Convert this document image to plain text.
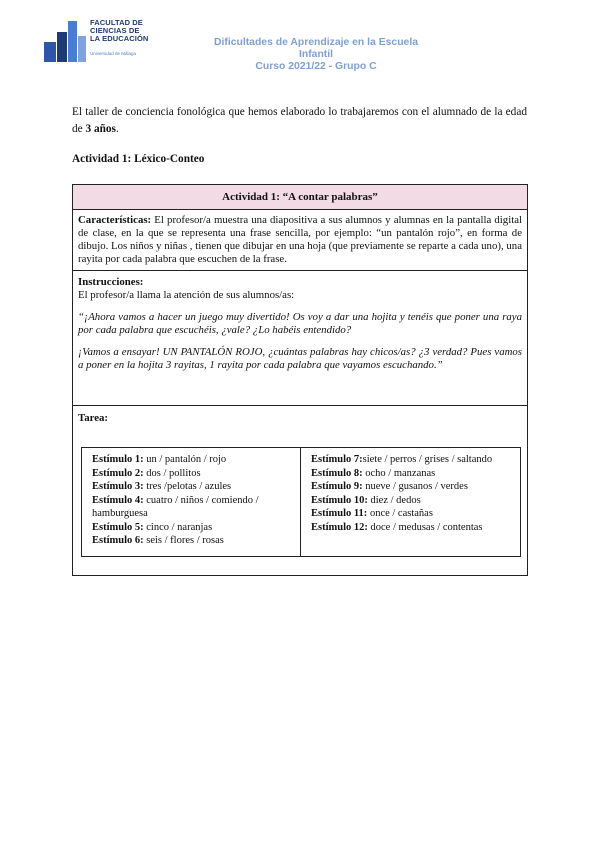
FACULTAD DE
CIENCIAS DE
LA EDUCACIÓN
Universidad de Málaga
Dificultades de Aprendizaje en la Escuela Infantil
Curso 2021/22 - Grupo C
El taller de conciencia fonológica que hemos elaborado lo trabajaremos con el alumnado de la edad de 3 años.
Actividad 1: Léxico-Conteo
Actividad 1: “A contar palabras”
Características: El profesor/a muestra una diapositiva a sus alumnos y alumnas en la pantalla digital de clase, en la que se representa una frase sencilla, por ejemplo: “un pantalón rojo”, en forma de dibujo. Los niños y niñas , tienen que dibujar en una hoja (que previamente se reparte a cada uno), una rayita por cada palabra que escuchen de la frase.

Instrucciones:

El profesor/a llama la atención de sus alumnos/as:

“¡Ahora vamos a hacer un juego muy divertido! Os voy a dar una hojita y tenéis que poner una raya por cada palabra que escuchéis, ¿vale? ¿Lo habéis entendido?

¡Vamos a ensayar! UN PANTALÓN ROJO, ¿cuántas palabras hay chicos/as? ¿3 verdad? Pues vamos a poner en la hojita 3 rayitas, 1 rayita por cada palabra que vayamos escuchando.”

Tarea:
Estímulo 1: un / pantalón / rojo
Estímulo 2: dos / pollitos
Estímulo 3: tres /pelotas / azules
Estímulo 4: cuatro / niños / comiendo / hamburguesa
Estímulo 5: cinco / naranjas
Estímulo 6: seis / flores / rosas
Estímulo 7:siete / perros / grises / saltando
Estímulo 8: ocho / manzanas
Estímulo 9: nueve / gusanos / verdes
Estímulo 10: diez / dedos
Estímulo 11: once / castañas
Estímulo 12: doce / medusas / contentas
